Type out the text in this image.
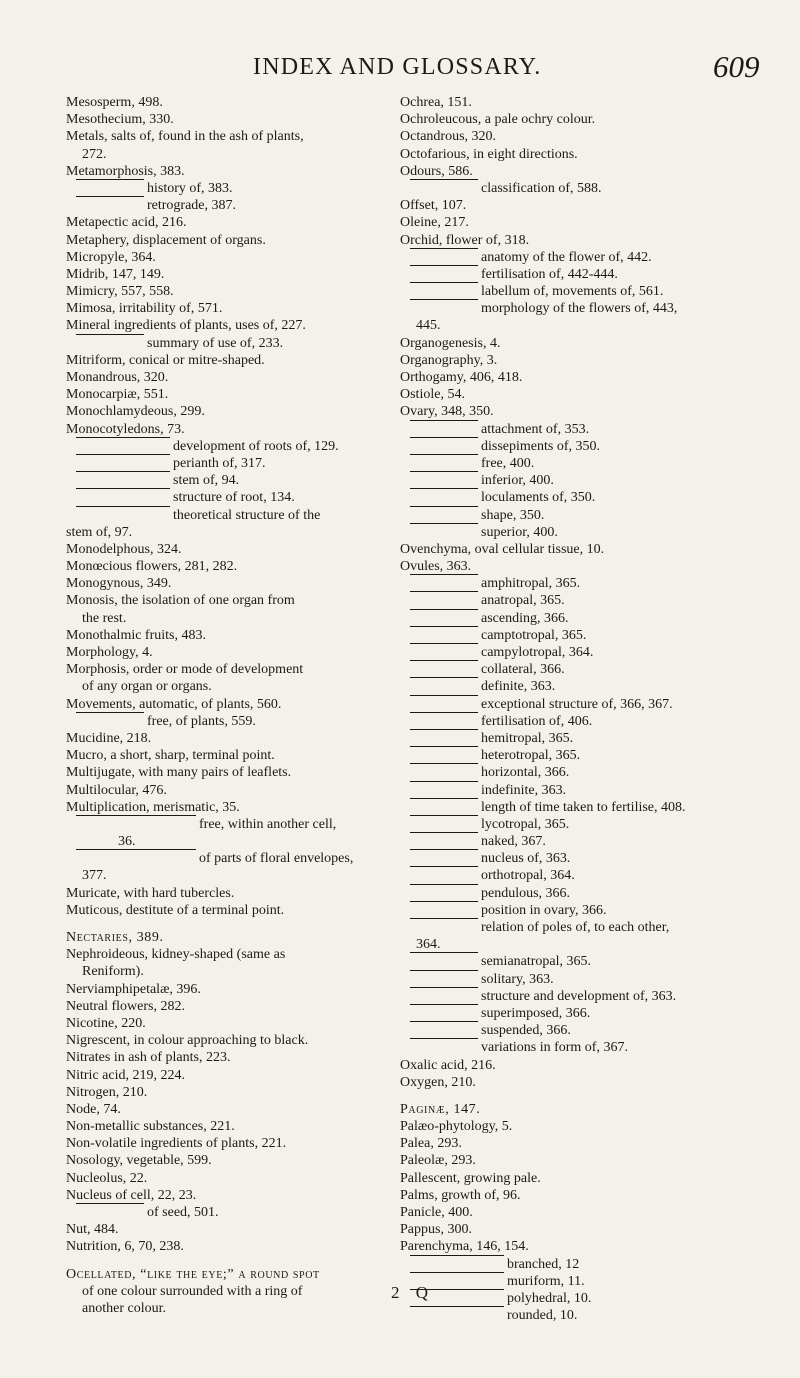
INDEX AND GLOSSARY.	609
Mesosperm, 498.
Mesothecium, 330.
Metals, salts of, found in the ash of plants,
272.
Metamorphosis, 383.
history of, 383.
retrograde, 387.
Metapectic acid, 216.
Metaphery, displacement of organs.
Micropyle, 364.
Midrib, 147, 149.
Mimicry, 557, 558.
Mimosa, irritability of, 571.
Mineral ingredients of plants, uses of, 227.
summary of use of, 233.
Mitriform, conical or mitre-shaped.
Monandrous, 320.
Monocarpiæ, 551.
Monochlamydeous, 299.
Monocotyledons, 73.
development of roots of, 129.
perianth of, 317.
stem of, 94.
structure of root, 134.
theoretical structure of the
stem of, 97.
Monodelphous, 324.
Monœcious flowers, 281, 282.
Monogynous, 349.
Monosis, the isolation of one organ from
the rest.
Monothalmic fruits, 483.
Morphology, 4.
Morphosis, order or mode of development
of any organ or organs.
Movements, automatic, of plants, 560.
free, of plants, 559.
Mucidine, 218.
Mucro, a short, sharp, terminal point.
Multijugate, with many pairs of leaflets.
Multilocular, 476.
Multiplication, merismatic, 35.
free, within another cell,
36.
of parts of floral envelopes,
377.
Muricate, with hard tubercles.
Muticous, destitute of a terminal point.
Nectaries, 389.
Nephroideous, kidney-shaped (same as
Reniform).
Nerviamphipetalæ, 396.
Neutral flowers, 282.
Nicotine, 220.
Nigrescent, in colour approaching to black.
Nitrates in ash of plants, 223.
Nitric acid, 219, 224.
Nitrogen, 210.
Node, 74.
Non-metallic substances, 221.
Non-volatile ingredients of plants, 221.
Nosology, vegetable, 599.
Nucleolus, 22.
Nucleus of cell, 22, 23.
of seed, 501.
Nut, 484.
Nutrition, 6, 70, 238.
Ocellated, “like the eye;” a round spot
of one colour surrounded with a ring of
another colour.
Ochrea, 151.
Ochroleucous, a pale ochry colour.
Octandrous, 320.
Octofarious, in eight directions.
Odours, 586.
classification of, 588.
Offset, 107.
Oleine, 217.
Orchid, flower of, 318.
anatomy of the flower of, 442.
fertilisation of, 442-444.
labellum of, movements of, 561.
morphology of the flowers of, 443,
445.
Organogenesis, 4.
Organography, 3.
Orthogamy, 406, 418.
Ostiole, 54.
Ovary, 348, 350.
attachment of, 353.
dissepiments of, 350.
free, 400.
inferior, 400.
loculaments of, 350.
shape, 350.
superior, 400.
Ovenchyma, oval cellular tissue, 10.
Ovules, 363.
amphitropal, 365.
anatropal, 365.
ascending, 366.
camptotropal, 365.
campylotropal, 364.
collateral, 366.
definite, 363.
exceptional structure of, 366, 367.
fertilisation of, 406.
hemitropal, 365.
heterotropal, 365.
horizontal, 366.
indefinite, 363.
length of time taken to fertilise, 408.
lycotropal, 365.
naked, 367.
nucleus of, 363.
orthotropal, 364.
pendulous, 366.
position in ovary, 366.
relation of poles of, to each other,
364.
semianatropal, 365.
solitary, 363.
structure and development of, 363.
superimposed, 366.
suspended, 366.
variations in form of, 367.
Oxalic acid, 216.
Oxygen, 210.
Paginæ, 147.
Palæo-phytology, 5.
Palea, 293.
Paleolæ, 293.
Pallescent, growing pale.
Palms, growth of, 96.
Panicle, 400.
Pappus, 300.
Parenchyma, 146, 154.
branched, 12
muriform, 11.
polyhedral, 10.
rounded, 10.
2 Q
